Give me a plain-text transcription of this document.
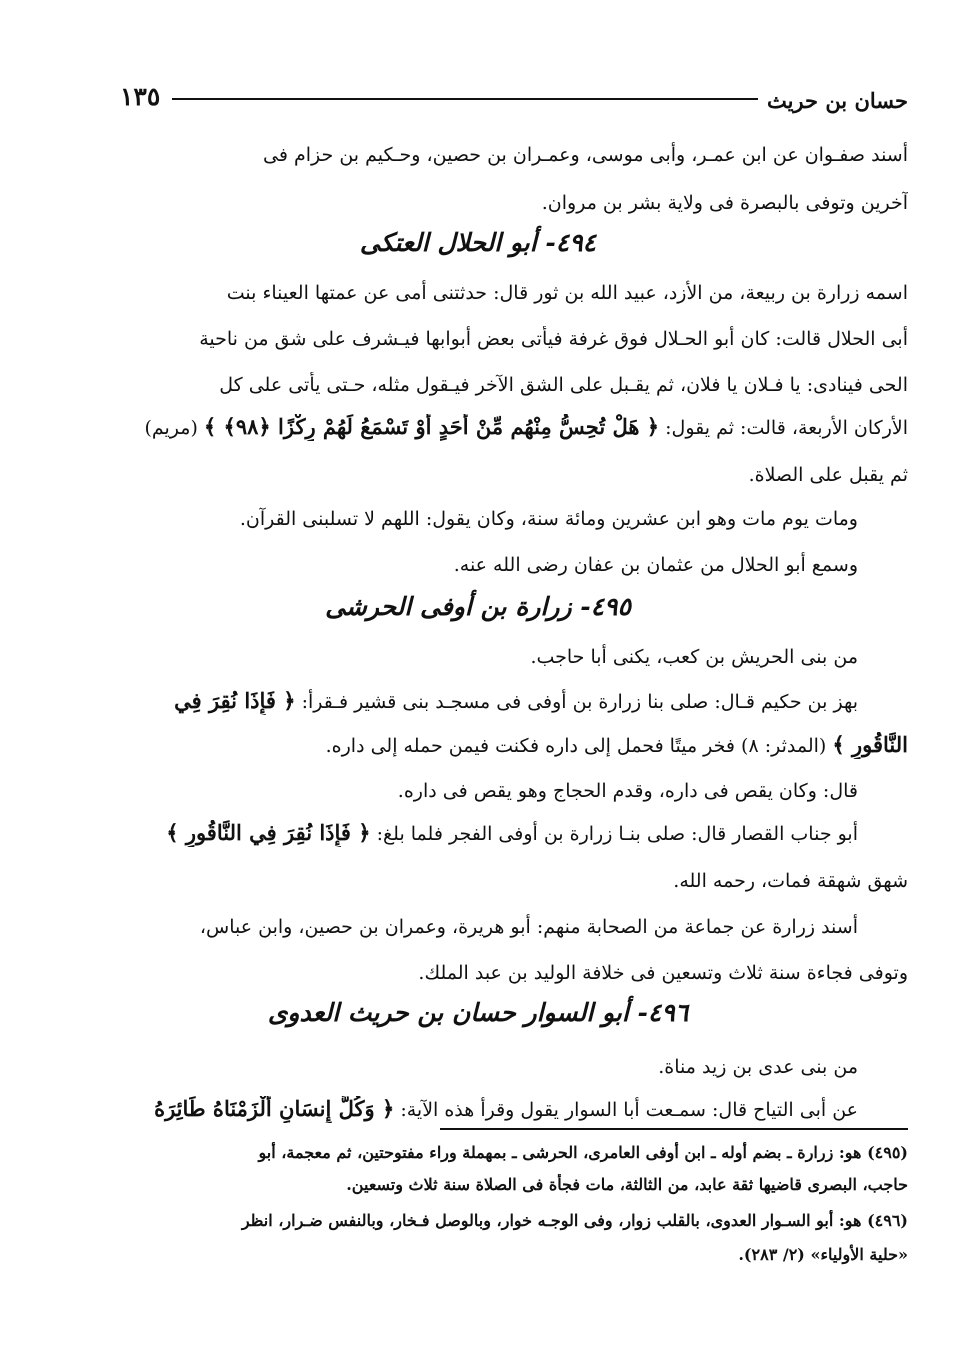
حسان بن حريث
١٣٥
أسند صفـوان عن ابن عمـر، وأبى موسى، وعمـران بن حصين، وحـكيم بن حزام فى
آخرين وتوفى بالبصرة فى ولاية بشر بن مروان.
٤٩٤- أبو الحلال العتكى
اسمه زرارة بن ربيعة، من الأزد، عبيد الله بن ثور قال: حدثتنى أمى عن عمتها العيناء بنت
أبى الحلال قالت: كان أبو الحـلال فوق غرفة فيأتى بعض أبوابها فيـشرف على شق من ناحية
الحى فينادى: يا فـلان يا فلان، ثم يقـبل على الشق الآخر فيـقول مثله، حـتى يأتى على كل
الأركان الأربعة، قالت: ثم يقول: ﴿ هَلْ تُحِسُّ مِنْهُم مِّنْ أَحَدٍ أَوْ تَسْمَعُ لَهُمْ رِكْزًا ﴿٩٨﴾ ﴾ (مريم)
ثم يقبل على الصلاة.
ومات يوم مات وهو ابن عشرين ومائة سنة، وكان يقول: اللهم لا تسلبنى القرآن.
وسمع أبو الحلال من عثمان بن عفان رضى الله عنه.
٤٩٥- زرارة بن أوفى الحرشى
من بنى الحريش بن كعب، يكنى أبا حاجب.
بهز بن حكيم قـال: صلى بنا زرارة بن أوفى فى مسجـد بنى قشير فـقرأ: ﴿ فَإِذَا نُقِرَ فِي
النَّاقُورِ ﴾ (المدثر: ٨) فخر ميتًا فحمل إلى داره فكنت فيمن حمله إلى داره.
قال: وكان يقص فى داره، وقدم الحجاج وهو يقص فى داره.
أبو جناب القصار قال: صلى بنـا زرارة بن أوفى الفجر فلما بلغ: ﴿ فَإِذَا نُقِرَ فِي النَّاقُورِ ﴾
شهق شهقة فمات، رحمه الله.
أسند زرارة عن جماعة من الصحابة منهم: أبو هريرة، وعمران بن حصين، وابن عباس،
وتوفى فجاءة سنة ثلاث وتسعين فى خلافة الوليد بن عبد الملك.
٤٩٦- أبو السوار حسان بن حريث العدوى
من بنى عدى بن زيد مناة.
عن أبى التياح قال: سمـعت أبا السوار يقول وقرأ هذه الآية: ﴿ وَكُلَّ إِنسَانٍ أَلْزَمْنَاهُ طَائِرَهُ
(٤٩٥) هو: زرارة ـ بضم أوله ـ ابن أوفى العامرى، الحرشى ـ بمهملة وراء مفتوحتين، ثم معجمة، أبو
حاجب، البصرى قاضيها ثقة عابد، من الثالثة، مات فجأة فى الصلاة سنة ثلاث وتسعين.
(٤٩٦) هو: أبو السـوار العدوى، بالقلب زوار، وفى الوجـه خوار، وبالوصل فـخار، وبالنفس ضـرار، انظر
«حلية الأولياء» (٢/ ٢٨٣).
